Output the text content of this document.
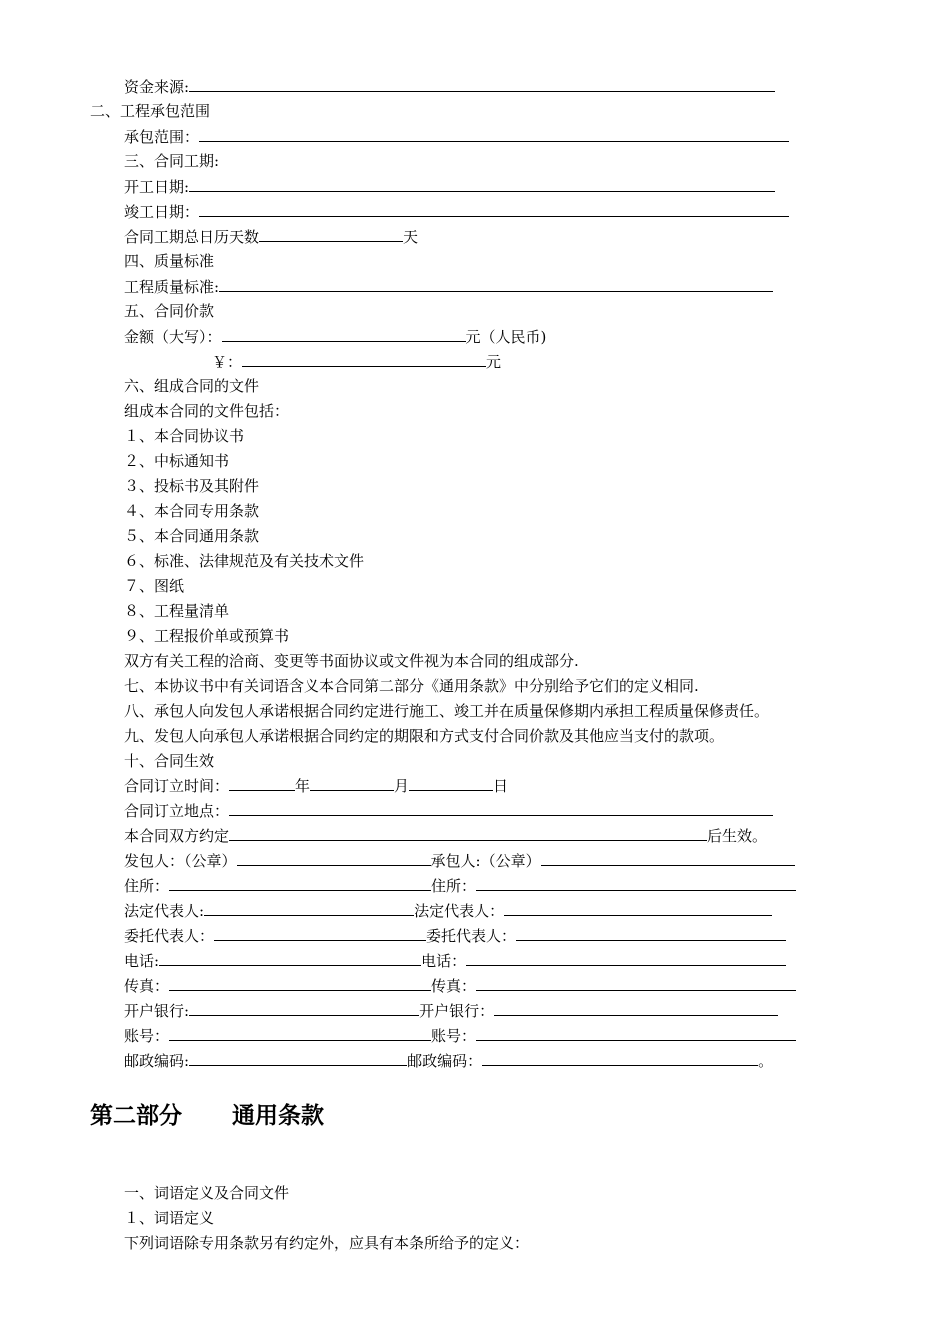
资金来源:
二、工程承包范围
承包范围：
三、合同工期:
开工日期:
竣工日期：
合同工期总日历天数	天
四、质量标准
工程质量标准:
五、合同价款
金额（大写）：	元（人民币)
￥：	元
六、组成合同的文件
组成本合同的文件包括：
１、本合同协议书
２、中标通知书
３、投标书及其附件
４、本合同专用条款
５、本合同通用条款
６、标准、法律规范及有关技术文件
７、图纸
８、工程量清单
９、工程报价单或预算书
双方有关工程的洽商、变更等书面协议或文件视为本合同的组成部分.
七、本协议书中有关词语含义本合同第二部分《通用条款》中分别给予它们的定义相同.
八、承包人向发包人承诺根据合同约定进行施工、竣工并在质量保修期内承担工程质量保修责任。
九、发包人向承包人承诺根据合同约定的期限和方式支付合同价款及其他应当支付的款项。
十、合同生效
合同订立时间：	年	月	日
合同订立地点：
本合同双方约定	后生效。
发包人：（公章）	承包人:（公章）
住所：	住所：
法定代表人:	法定代表人：
委托代表人：	委托代表人：
电话:	电话：
传真：	传真：
开户银行:	开户银行：
账号：	账号：
邮政编码:	邮政编码：	。
第二部分 通用条款
一、词语定义及合同文件
１、词语定义
下列词语除专用条款另有约定外，应具有本条所给予的定义：
